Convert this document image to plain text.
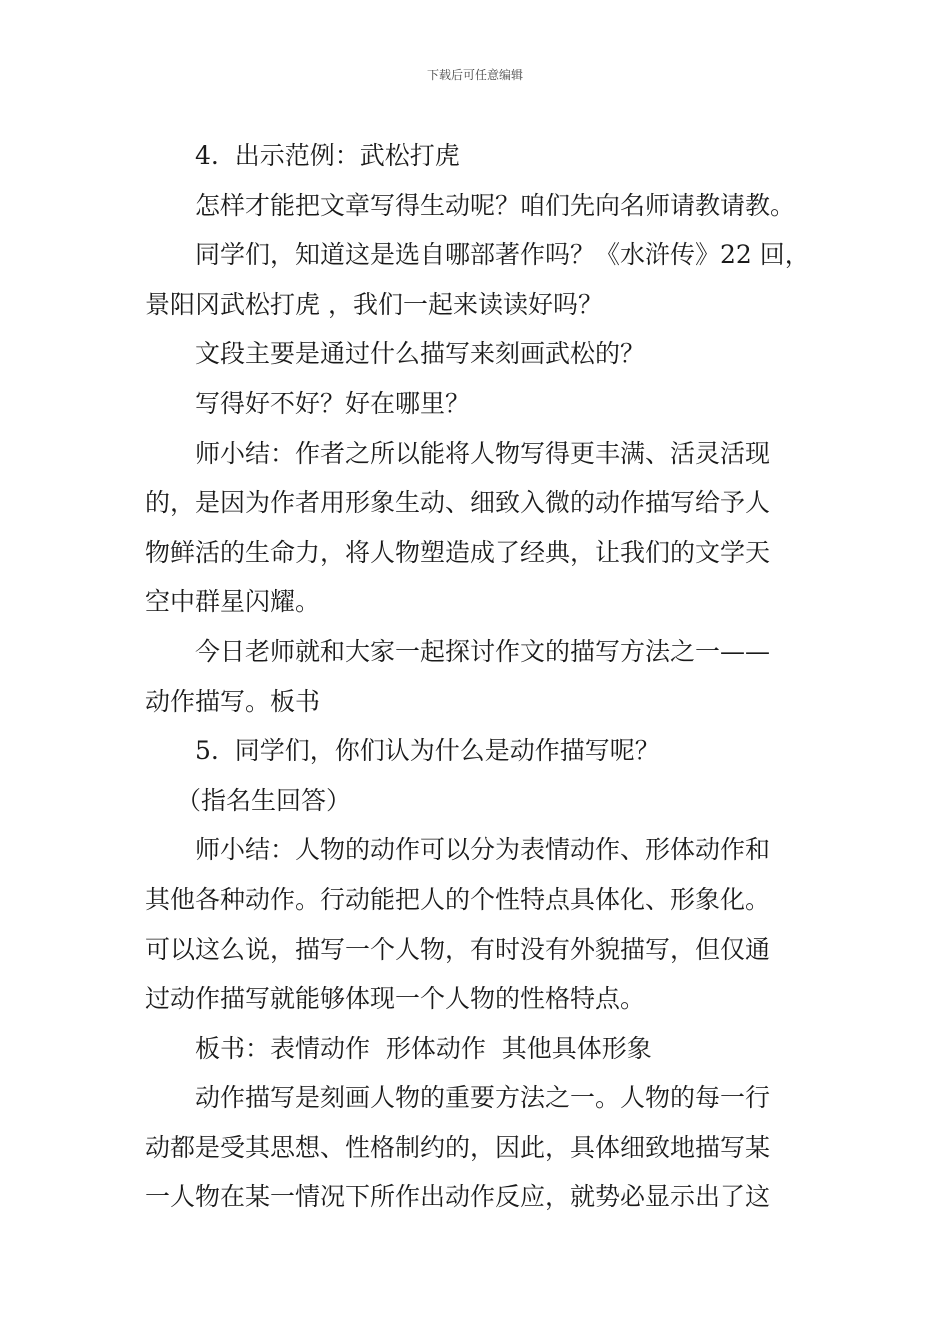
下载后可任意编辑

4.  出示范例：武松打虎

怎样才能把文章写得生动呢？咱们先向名师请教请教。

同学们，知道这是选自哪部著作吗？《水浒传》22 回，

景阳冈武松打虎 ，我们一起来读读好吗？

文段主要是通过什么描写来刻画武松的？

写得好不好？好在哪里？

师小结：作者之所以能将人物写得更丰满、活灵活现

的，是因为作者用形象生动、细致入微的动作描写给予人

物鲜活的生命力，将人物塑造成了经典，让我们的文学天

空中群星闪耀。

今日老师就和大家一起探讨作文的描写方法之一——

动作描写。板书

5.  同学们，你们认为什么是动作描写呢？

（指名生回答）

师小结：人物的动作可以分为表情动作、形体动作和

其他各种动作。行动能把人的个性特点具体化、形象化。

可以这么说，描写一个人物，有时没有外貌描写，但仅通

过动作描写就能够体现一个人物的性格特点。

板书：表情动作  形体动作  其他具体形象

动作描写是刻画人物的重要方法之一。人物的每一行

动都是受其思想、性格制约的，因此，具体细致地描写某

一人物在某一情况下所作出动作反应，就势必显示出了这
